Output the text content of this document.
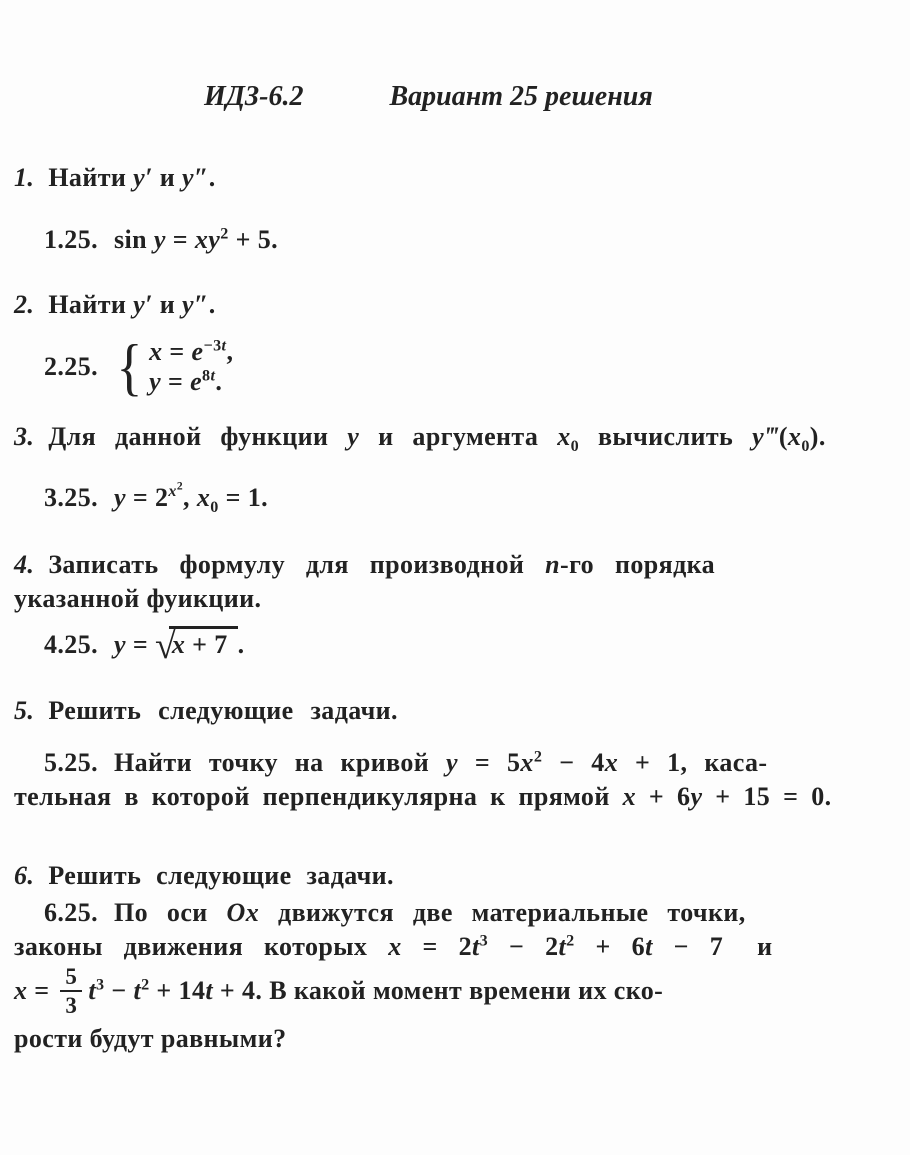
ИДЗ-6.2	Вариант 25 решения
1. Найти y′ и y″.
1.25. $\sin y = xy^2 + 5$.
2. Найти y′ и y″.
2.25. { $x = e^{-3t}$,
$y = e^{8t}$.
3. Для данной функции y и аргумента $x_0$ вычислить $y‴(x_0)$.
3.25. $y = 2^{x^2}$, $x_0 = 1$.
4. Записать формулу для производной n-го порядка
указанной фуикции.
4.25. y = √x + 7 .
5. Решить следующие задачи.
5.25. Найти точку на кривой $y = 5x^2 - 4x + 1$, каса-
тельная в которой перпендикулярна к прямой x + 6y + 15 = 0.
6. Решить следующие задачи.
6.25. По оси Ox движутся две материальные точки,
законы движения которых $x = 2t^3 - 2t^2 + 6t - 7$ и
$x = \frac{5}{3} t^3 - t^2 + 14t + 4$. В какой момент времени их ско-
рости будут равными?
